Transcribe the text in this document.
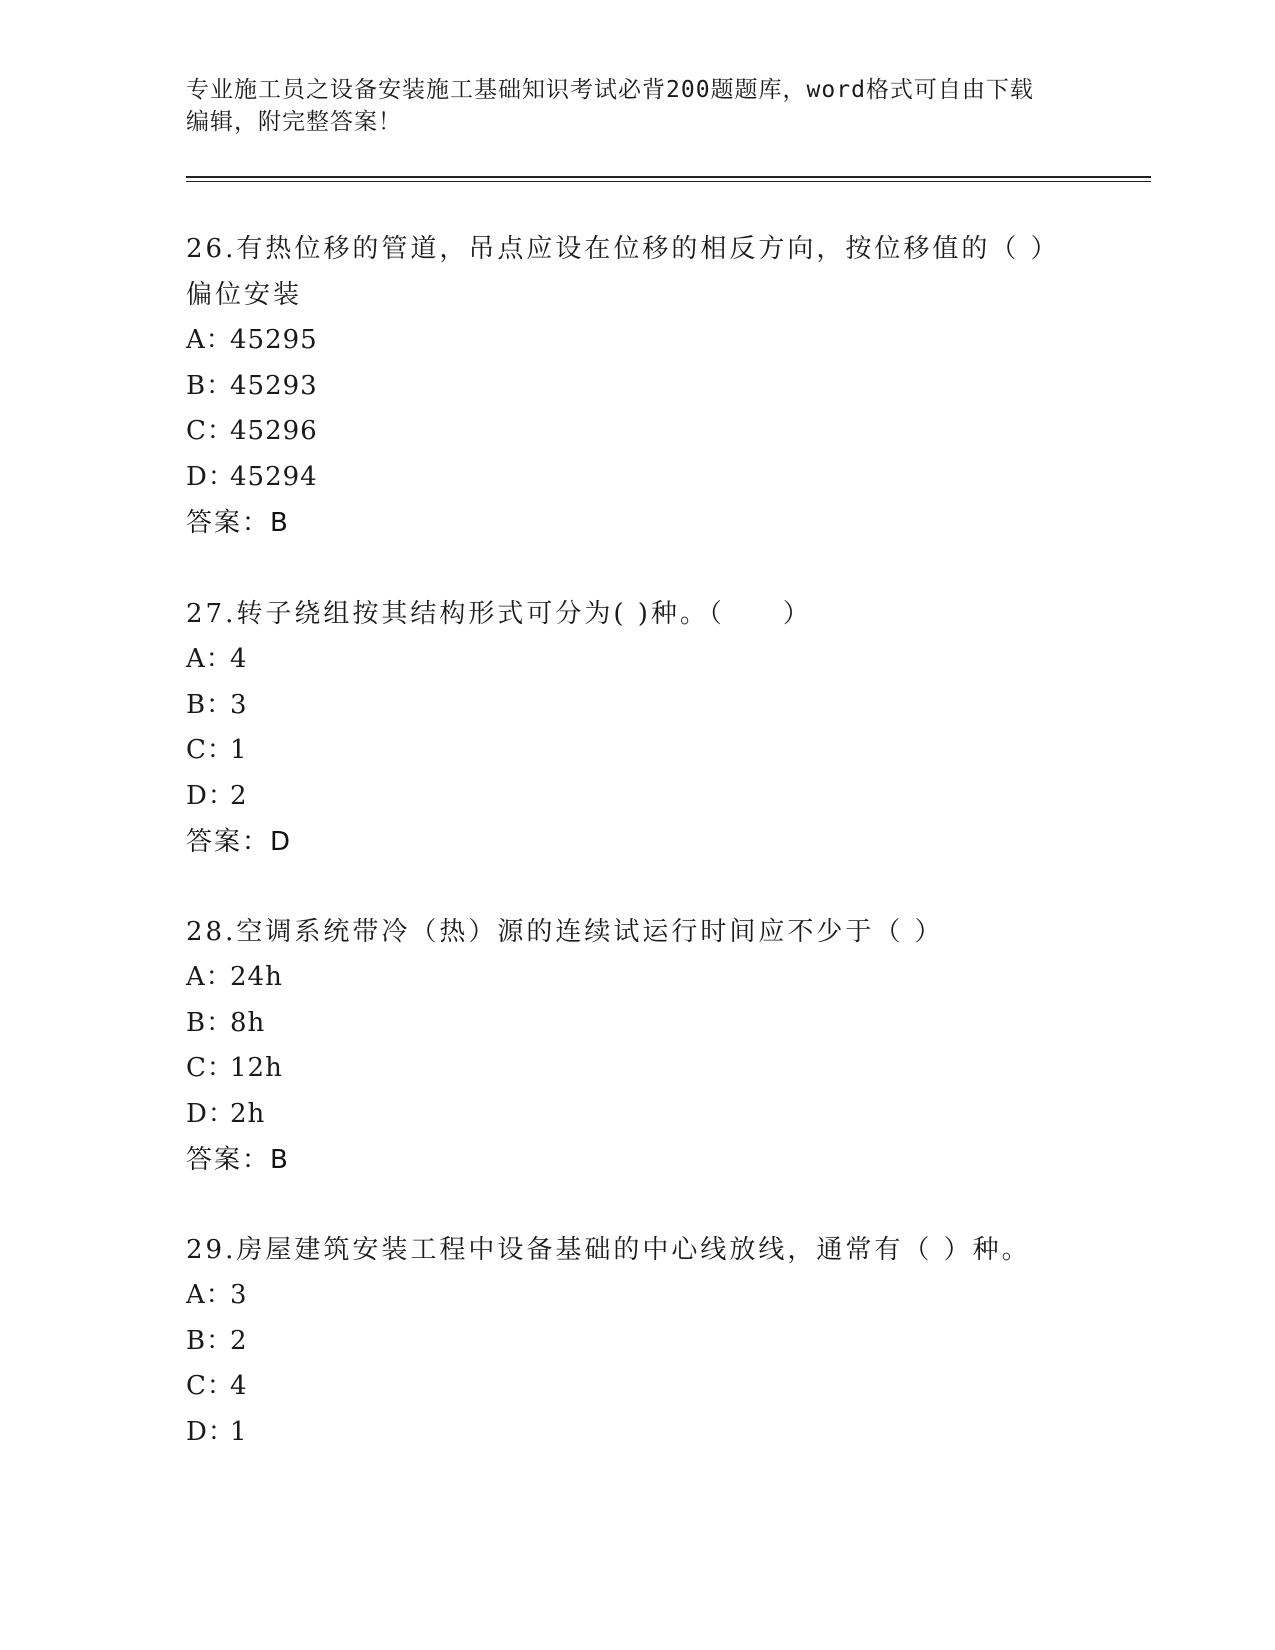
专业施工员之设备安装施工基础知识考试必背200题题库，word格式可自由下载
编辑，附完整答案！
26.有热位移的管道，吊点应设在位移的相反方向，按位移值的（ ）
偏位安装
A：
45295
B：
45293
C：
45296
D：
45294
答案：B
27.转子绕组按其结构形式可分为( )种。（　　）
A：
4
B：
3
C：
1
D：
2
答案：D
28.空调系统带冷（热）源的连续试运行时间应不少于（ ）
A：
24h
B：
8h
C：
12h
D：
2h
答案：B
29.房屋建筑安装工程中设备基础的中心线放线，通常有（ ）种。
A：
3
B：
2
C：
4
D：
1
